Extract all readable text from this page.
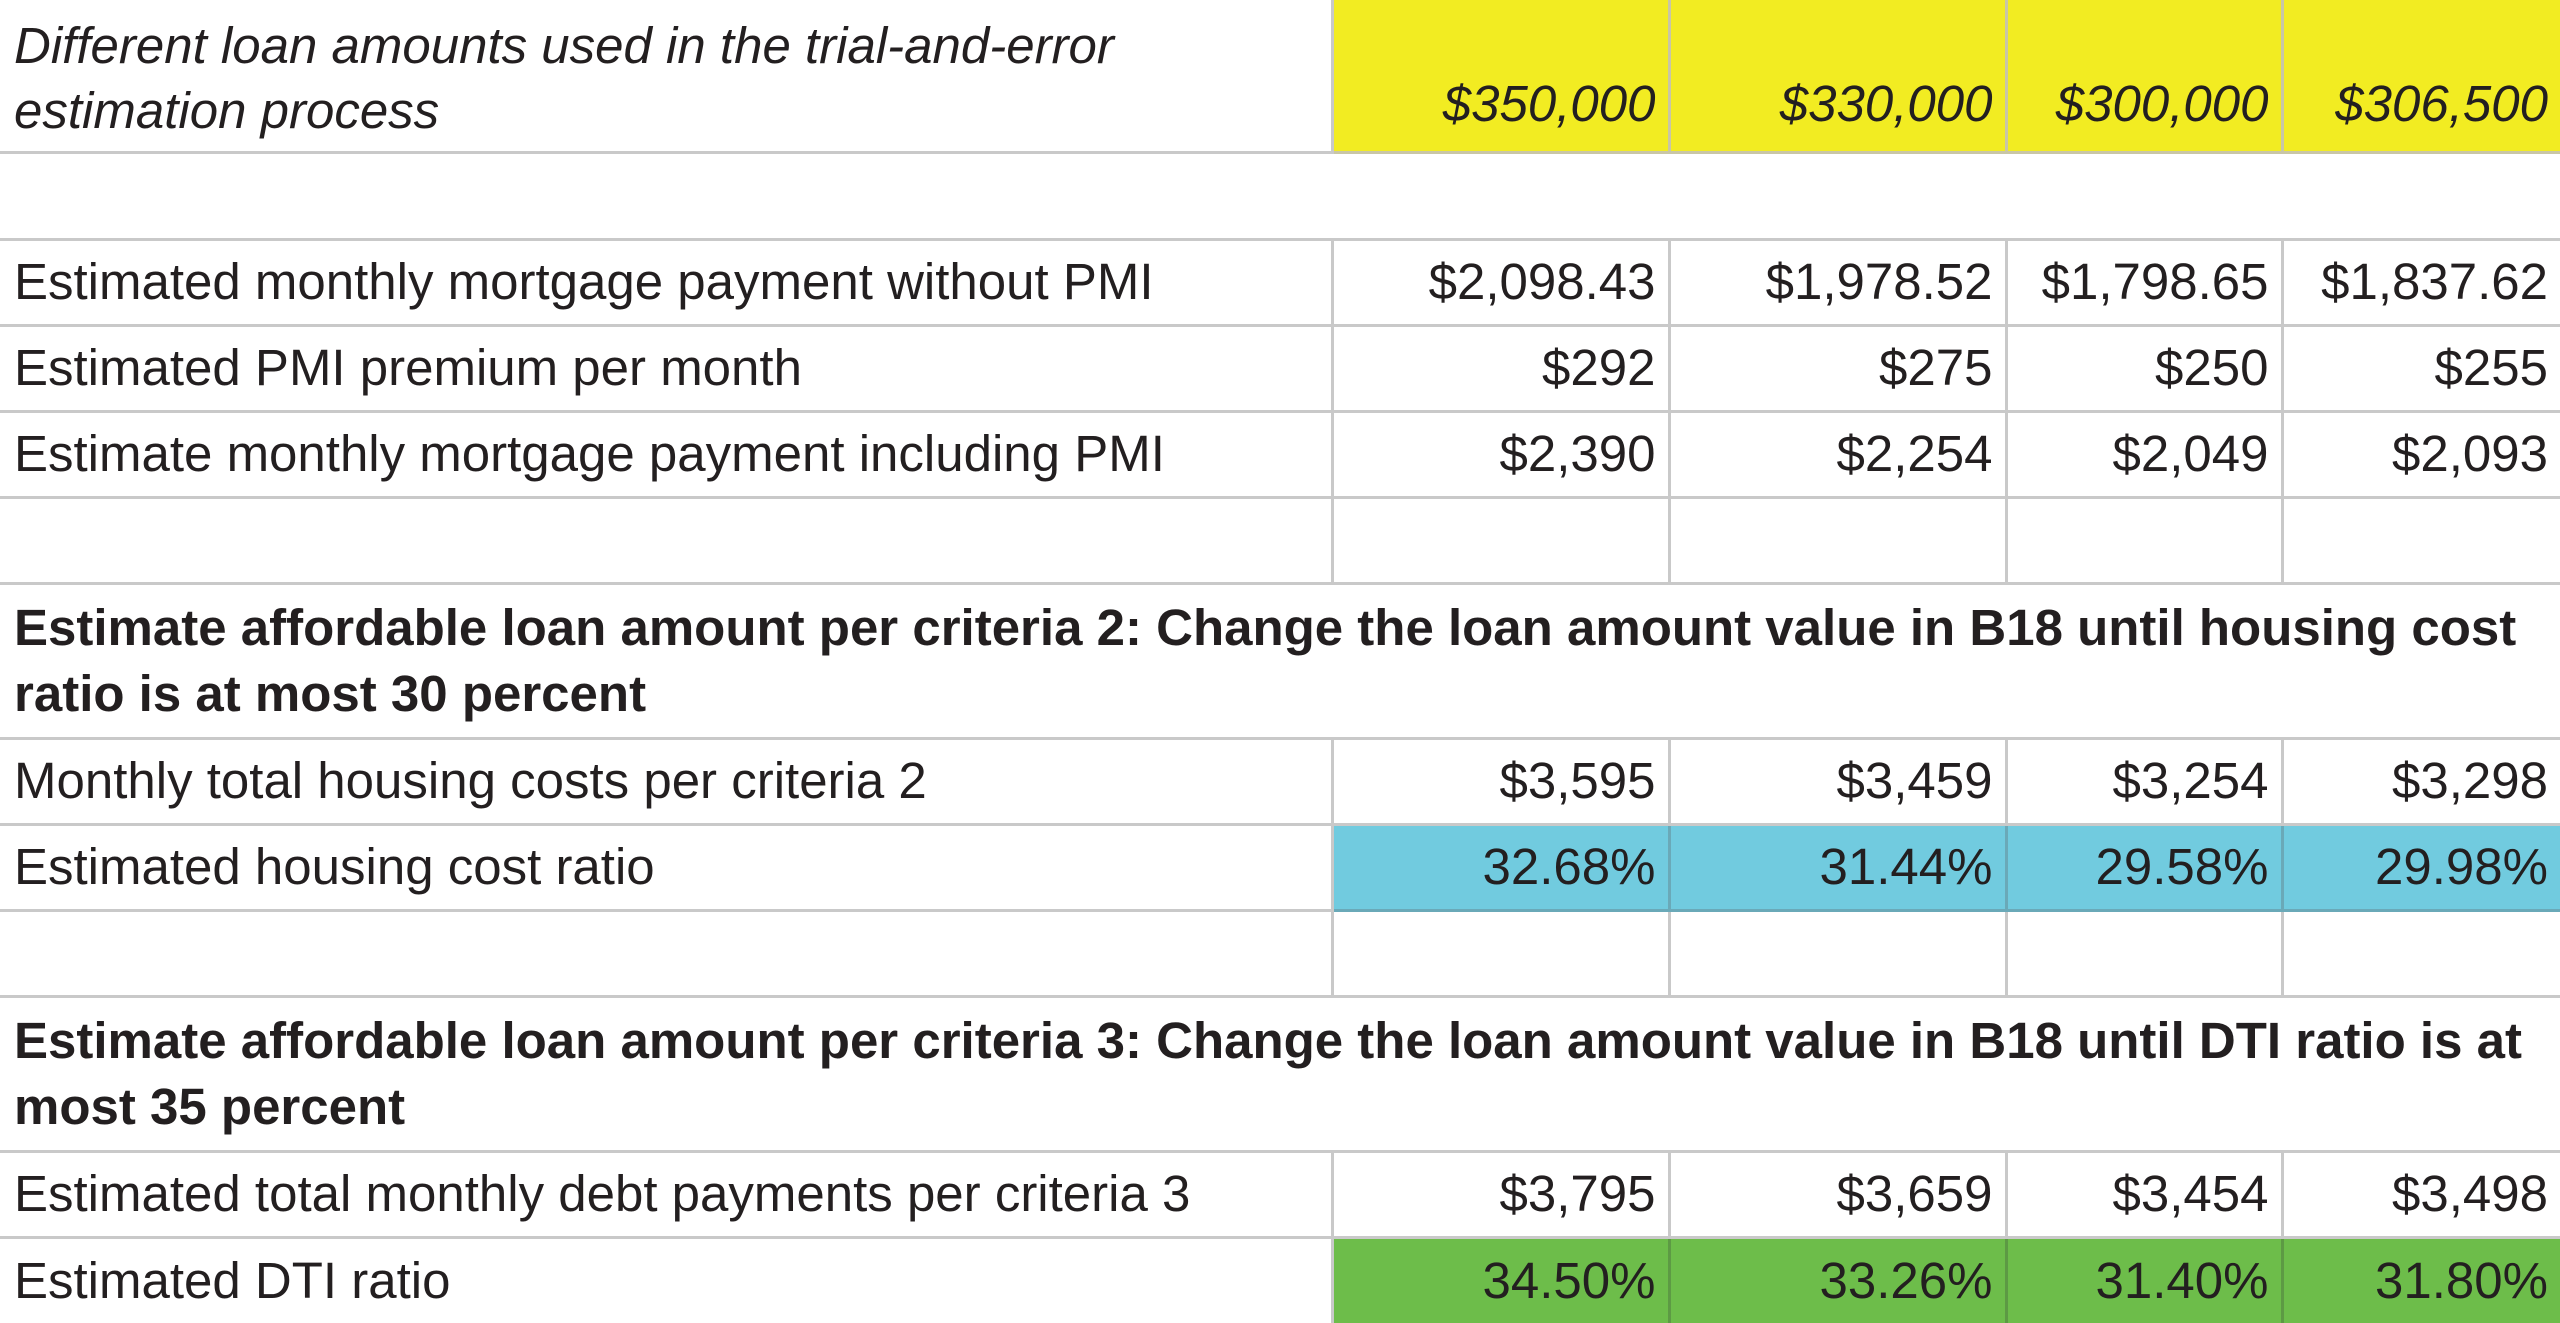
Different loan amounts used in the trial-and-error estimation process	$350,000	$330,000	$300,000	$306,500

Estimated monthly mortgage payment without PMI	$2,098.43	$1,978.52	$1,798.65	$1,837.62
Estimated PMI premium per month	$292	$275	$250	$255
Estimate monthly mortgage payment including PMI	$2,390	$2,254	$2,049	$2,093

Estimate affordable loan amount per criteria 2: Change the loan amount value in B18 until housing cost ratio is at most 30 percent				
Monthly total housing costs per criteria 2	$3,595	$3,459	$3,254	$3,298
Estimated housing cost ratio	32.68%	31.44%	29.58%	29.98%

Estimate affordable loan amount per criteria 3: Change the loan amount value in B18 until DTI ratio is at most 35 percent				
Estimated total monthly debt payments per criteria 3	$3,795	$3,659	$3,454	$3,498
Estimated DTI ratio	34.50%	33.26%	31.40%	31.80%
